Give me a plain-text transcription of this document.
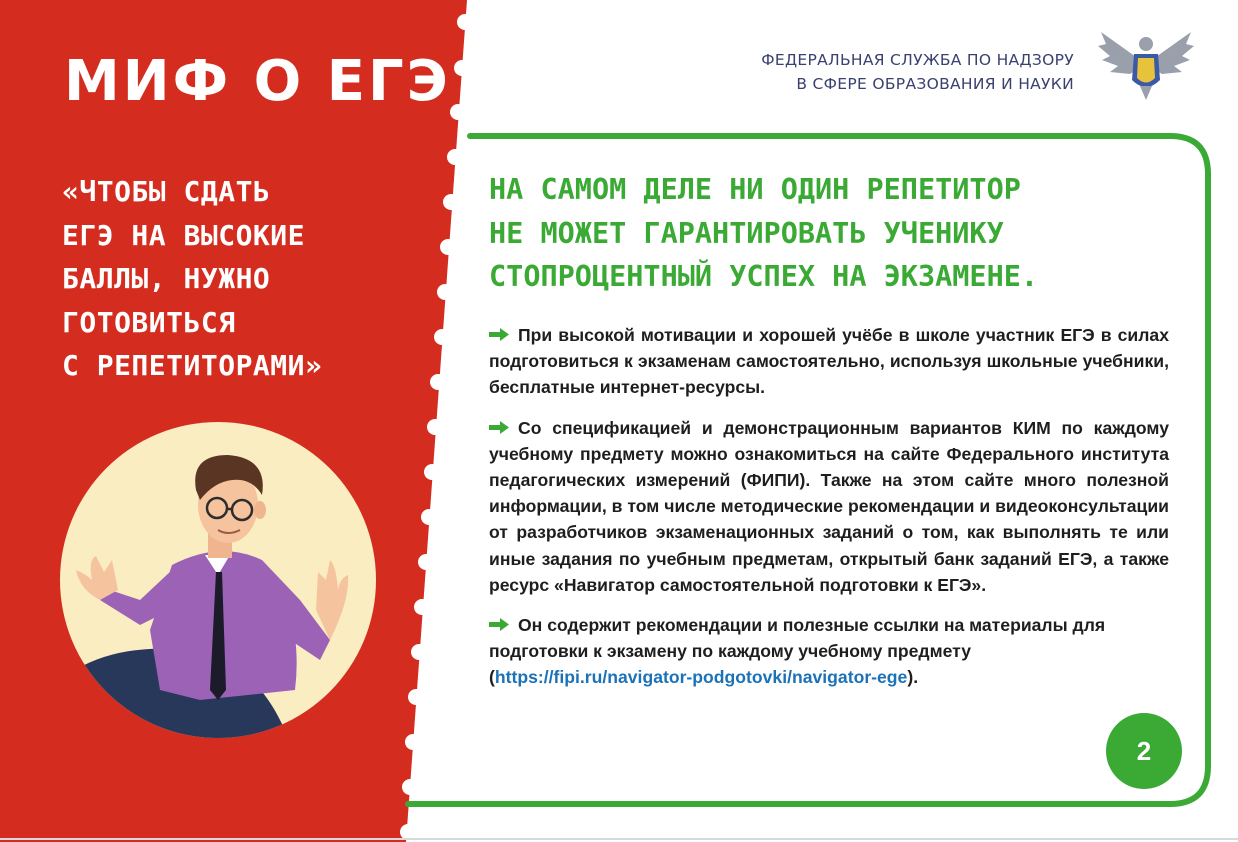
МИФ О ЕГЭ
«ЧТОБЫ СДАТЬ
ЕГЭ НА ВЫСОКИЕ
БАЛЛЫ, НУЖНО
ГОТОВИТЬСЯ
С РЕПЕТИТОРАМИ»
ФЕДЕРАЛЬНАЯ СЛУЖБА ПО НАДЗОРУ
В СФЕРЕ ОБРАЗОВАНИЯ И НАУКИ
НА САМОМ ДЕЛЕ НИ ОДИН РЕПЕТИТОР
НЕ МОЖЕТ ГАРАНТИРОВАТЬ УЧЕНИКУ
СТОПРОЦЕНТНЫЙ УСПЕХ НА ЭКЗАМЕНЕ.

При высокой мотивации и хорошей учёбе в школе участник ЕГЭ в силах подготовиться к экзаменам самостоятельно, используя школьные учебники, бесплатные интернет-ресурсы.

Со спецификацией и демонстрационным вариантов КИМ по каждому учебному предмету можно ознакомиться на сайте Федерального института педагогических измерений (ФИПИ). Также на этом сайте много полезной информации, в том числе методические рекомендации и видеоконсультации от разработчиков экзаменационных заданий о том, как выполнять те или иные задания по учебным предметам, открытый банк заданий ЕГЭ, а также ресурс «Навигатор самостоятельной подготовки к ЕГЭ».

Он содержит рекомендации и полезные ссылки на материалы для подготовки к экзамену по каждому учебному предмету
(https://fipi.ru/navigator-podgotovki/navigator-ege).

2
